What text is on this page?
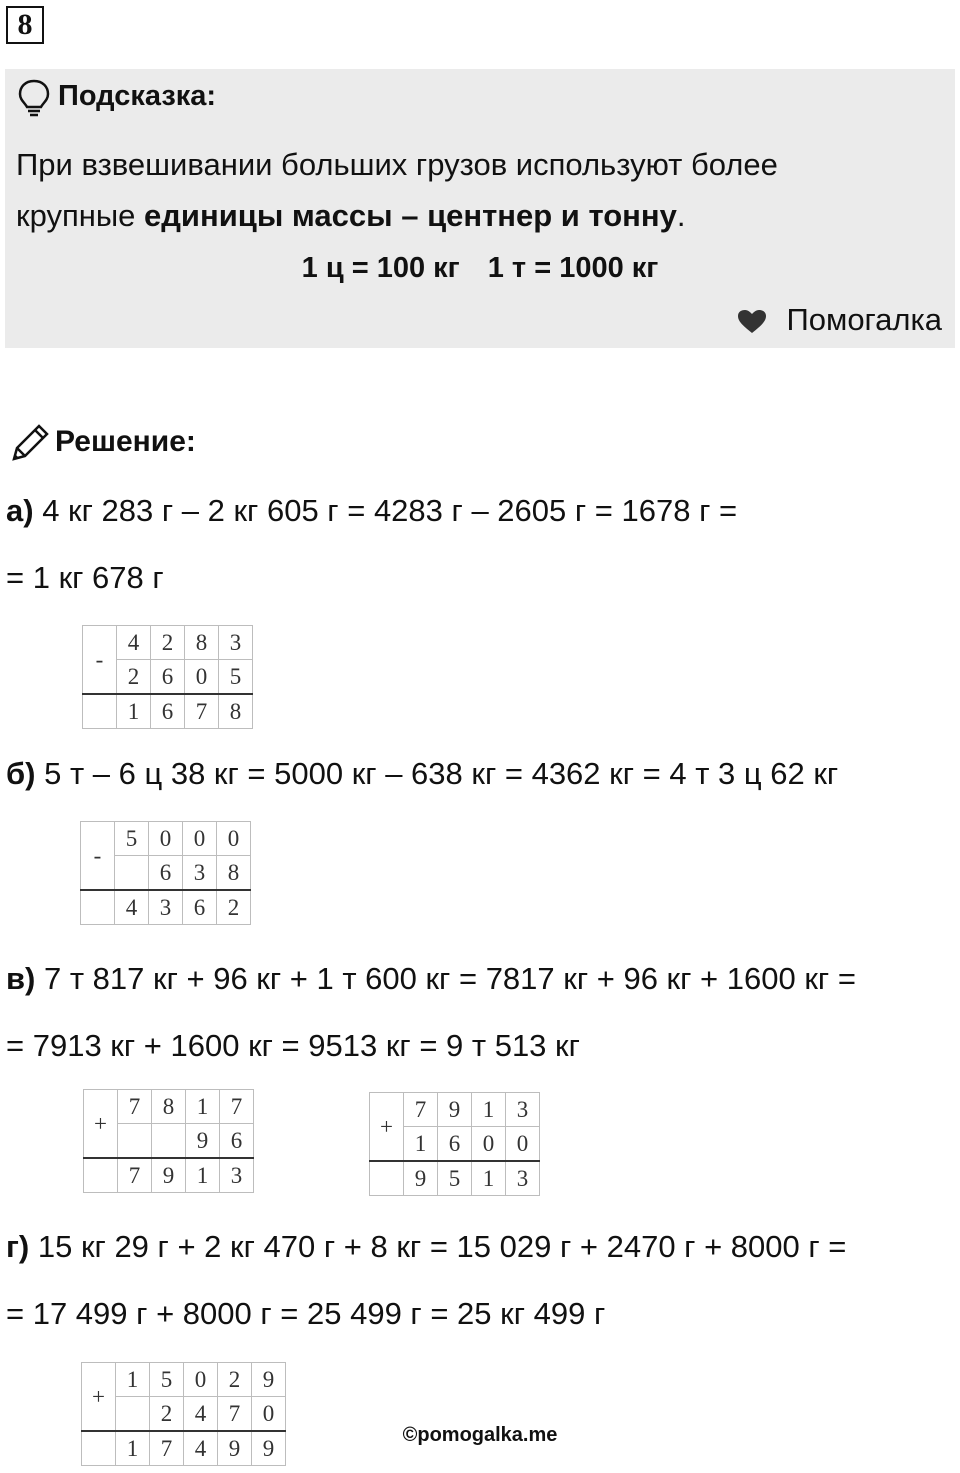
8
Подсказка:
При взвешивании больших грузов используют более
крупные единицы массы – центнер и тонну.
1 ц = 100 кг 1 т = 1000 кг
Помогалка
Решение:
а) 4 кг 283 г – 2 кг 605 г = 4283 г – 2605 г = 1678 г =
= 1 кг 678 г
-	4	2	8	3
	2	6	0	5
	1	6	7	8
б) 5 т – 6 ц 38 кг = 5000 кг – 638 кг = 4362 кг = 4 т 3 ц 62 кг
-	5	0	0	0
		6	3	8
	4	3	6	2
в) 7 т 817 кг + 96 кг + 1 т 600 кг = 7817 кг + 96 кг + 1600 кг =
= 7913 кг + 1600 кг = 9513 кг = 9 т 513 кг
+	7	8	1	7
			9	6
	7	9	1	3
+	7	9	1	3
	1	6	0	0
	9	5	1	3
г) 15 кг 29 г + 2 кг 470 г + 8 кг = 15 029 г + 2470 г + 8000 г =
= 17 499 г + 8000 г = 25 499 г = 25 кг 499 г
+	1	5	0	2	9
		2	4	7	0
	1	7	4	9	9
©pomogalka.me
